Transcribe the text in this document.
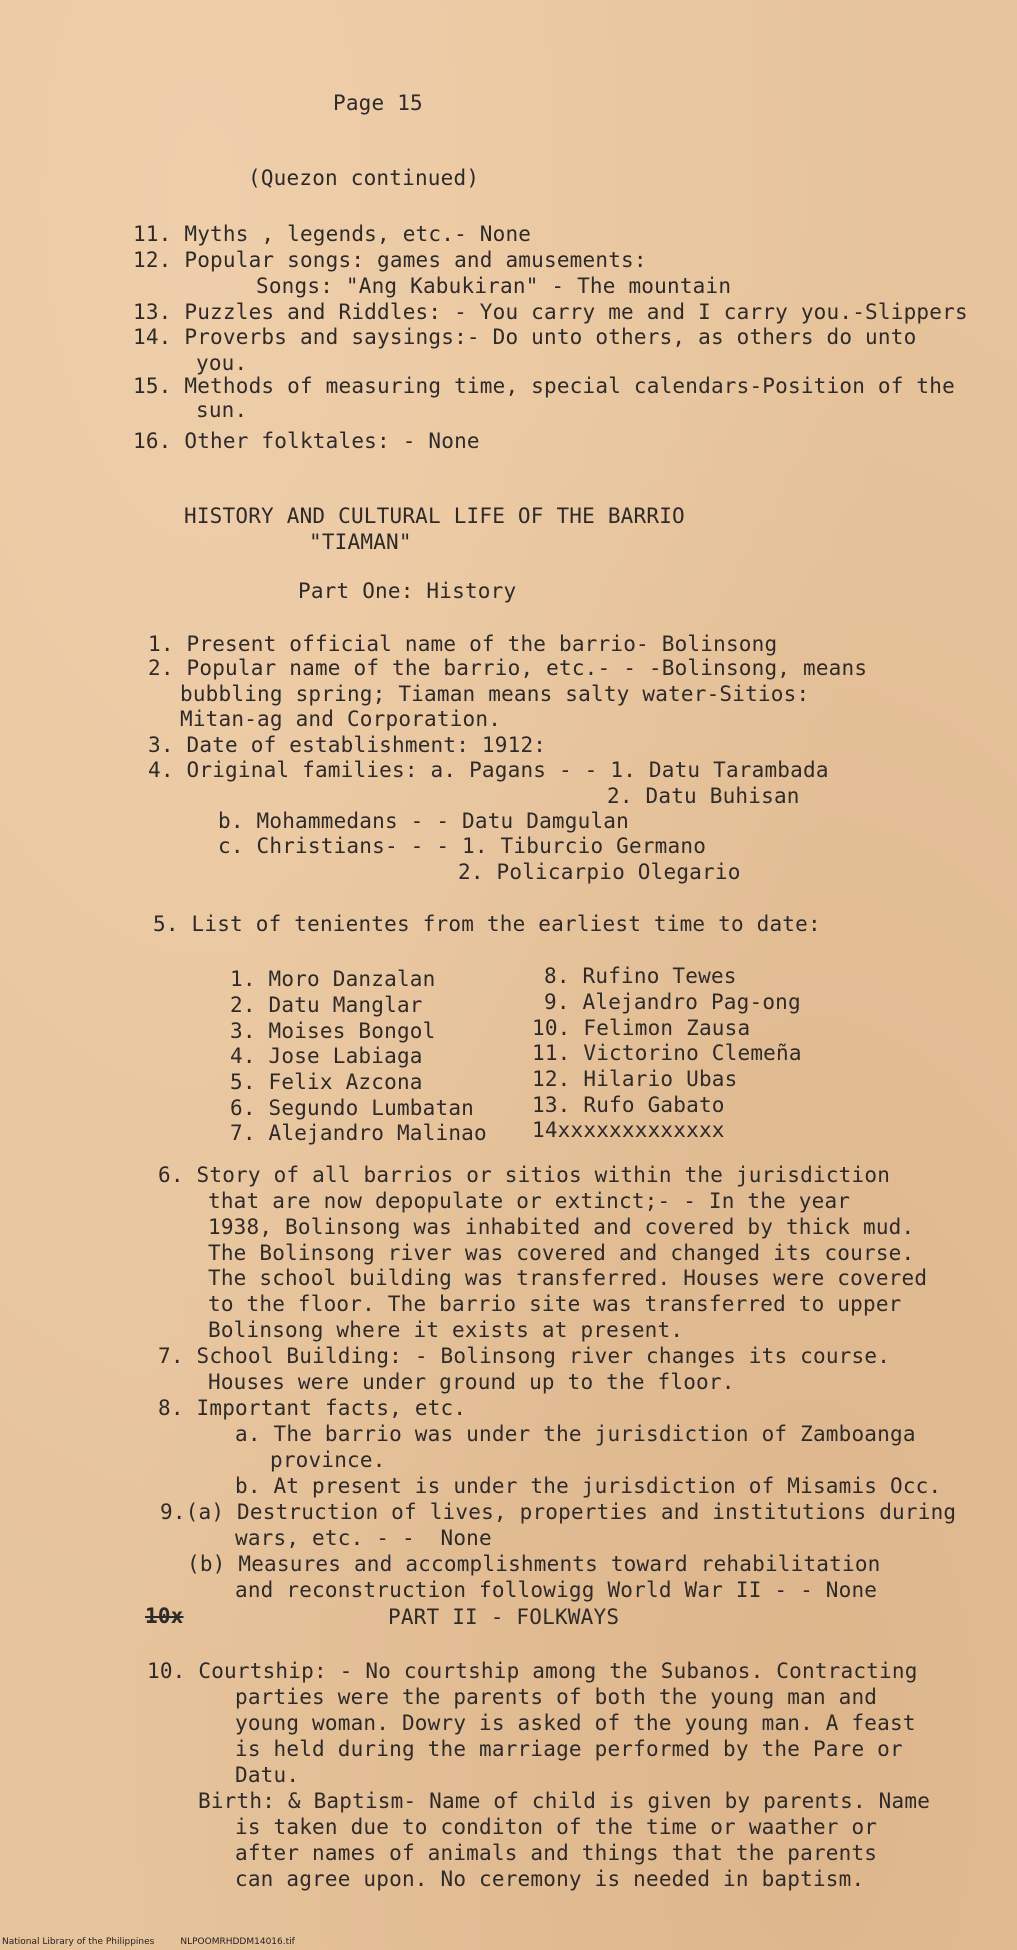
Page 15
(Quezon continued)
11. Myths , legends, etc.- None
12. Popular songs: games and amusements:
Songs: "Ang Kabukiran" - The mountain
13. Puzzles and Riddles: - You carry me and I carry you.-Slippers
14. Proverbs and saysings:- Do unto others, as others do unto
you.
15. Methods of measuring time, special calendars-Position of the
sun.
16. Other folktales: - None
HISTORY AND CULTURAL LIFE OF THE BARRIO
"TIAMAN"
Part One: History
1. Present official name of the barrio- Bolinsong
2. Popular name of the barrio, etc.- - -Bolinsong, means
bubbling spring; Tiaman means salty water-Sitios:
Mitan-ag and Corporation.
3. Date of establishment: 1912:
4. Original families: a. Pagans - - 1. Datu Tarambada
2. Datu Buhisan
b. Mohammedans - - Datu Damgulan
c. Christians- - - 1. Tiburcio Germano
2. Policarpio Olegario
5. List of tenientes from the earliest time to date:
1. Moro Danzalan
2. Datu Manglar
3. Moises Bongol
4. Jose Labiaga
5. Felix Azcona
6. Segundo Lumbatan
7. Alejandro Malinao
8. Rufino Tewes
9. Alejandro Pag-ong
10. Felimon Zausa
11. Victorino Clemeña
12. Hilario Ubas
13. Rufo Gabato
14xxxxxxxxxxxxx
6. Story of all barrios or sitios within the jurisdiction
that are now depopulate or extinct;- - In the year
1938, Bolinsong was inhabited and covered by thick mud.
The Bolinsong river was covered and changed its course.
The school building was transferred. Houses were covered
to the floor. The barrio site was transferred to upper
Bolinsong where it exists at present.
7. School Building: - Bolinsong river changes its course.
Houses were under ground up to the floor.
8. Important facts, etc.
a. The barrio was under the jurisdiction of Zamboanga
province.
b. At present is under the jurisdiction of Misamis Occ.
9.(a) Destruction of lives, properties and institutions during
wars, etc. - -  None
(b) Measures and accomplishments toward rehabilitation
and reconstruction followigg World War II - - None
10x	PART II - FOLKWAYS
10. Courtship: - No courtship among the Subanos. Contracting
parties were the parents of both the young man and
young woman. Dowry is asked of the young man. A feast
is held during the marriage performed by the Pare or
Datu.
Birth: & Baptism- Name of child is given by parents. Name
is taken due to conditon of the time or waather or
after names of animals and things that the parents
can agree upon. No ceremony is needed in baptism.
National Library of the Philippines	NLPOOMRHDDM14016.tif
